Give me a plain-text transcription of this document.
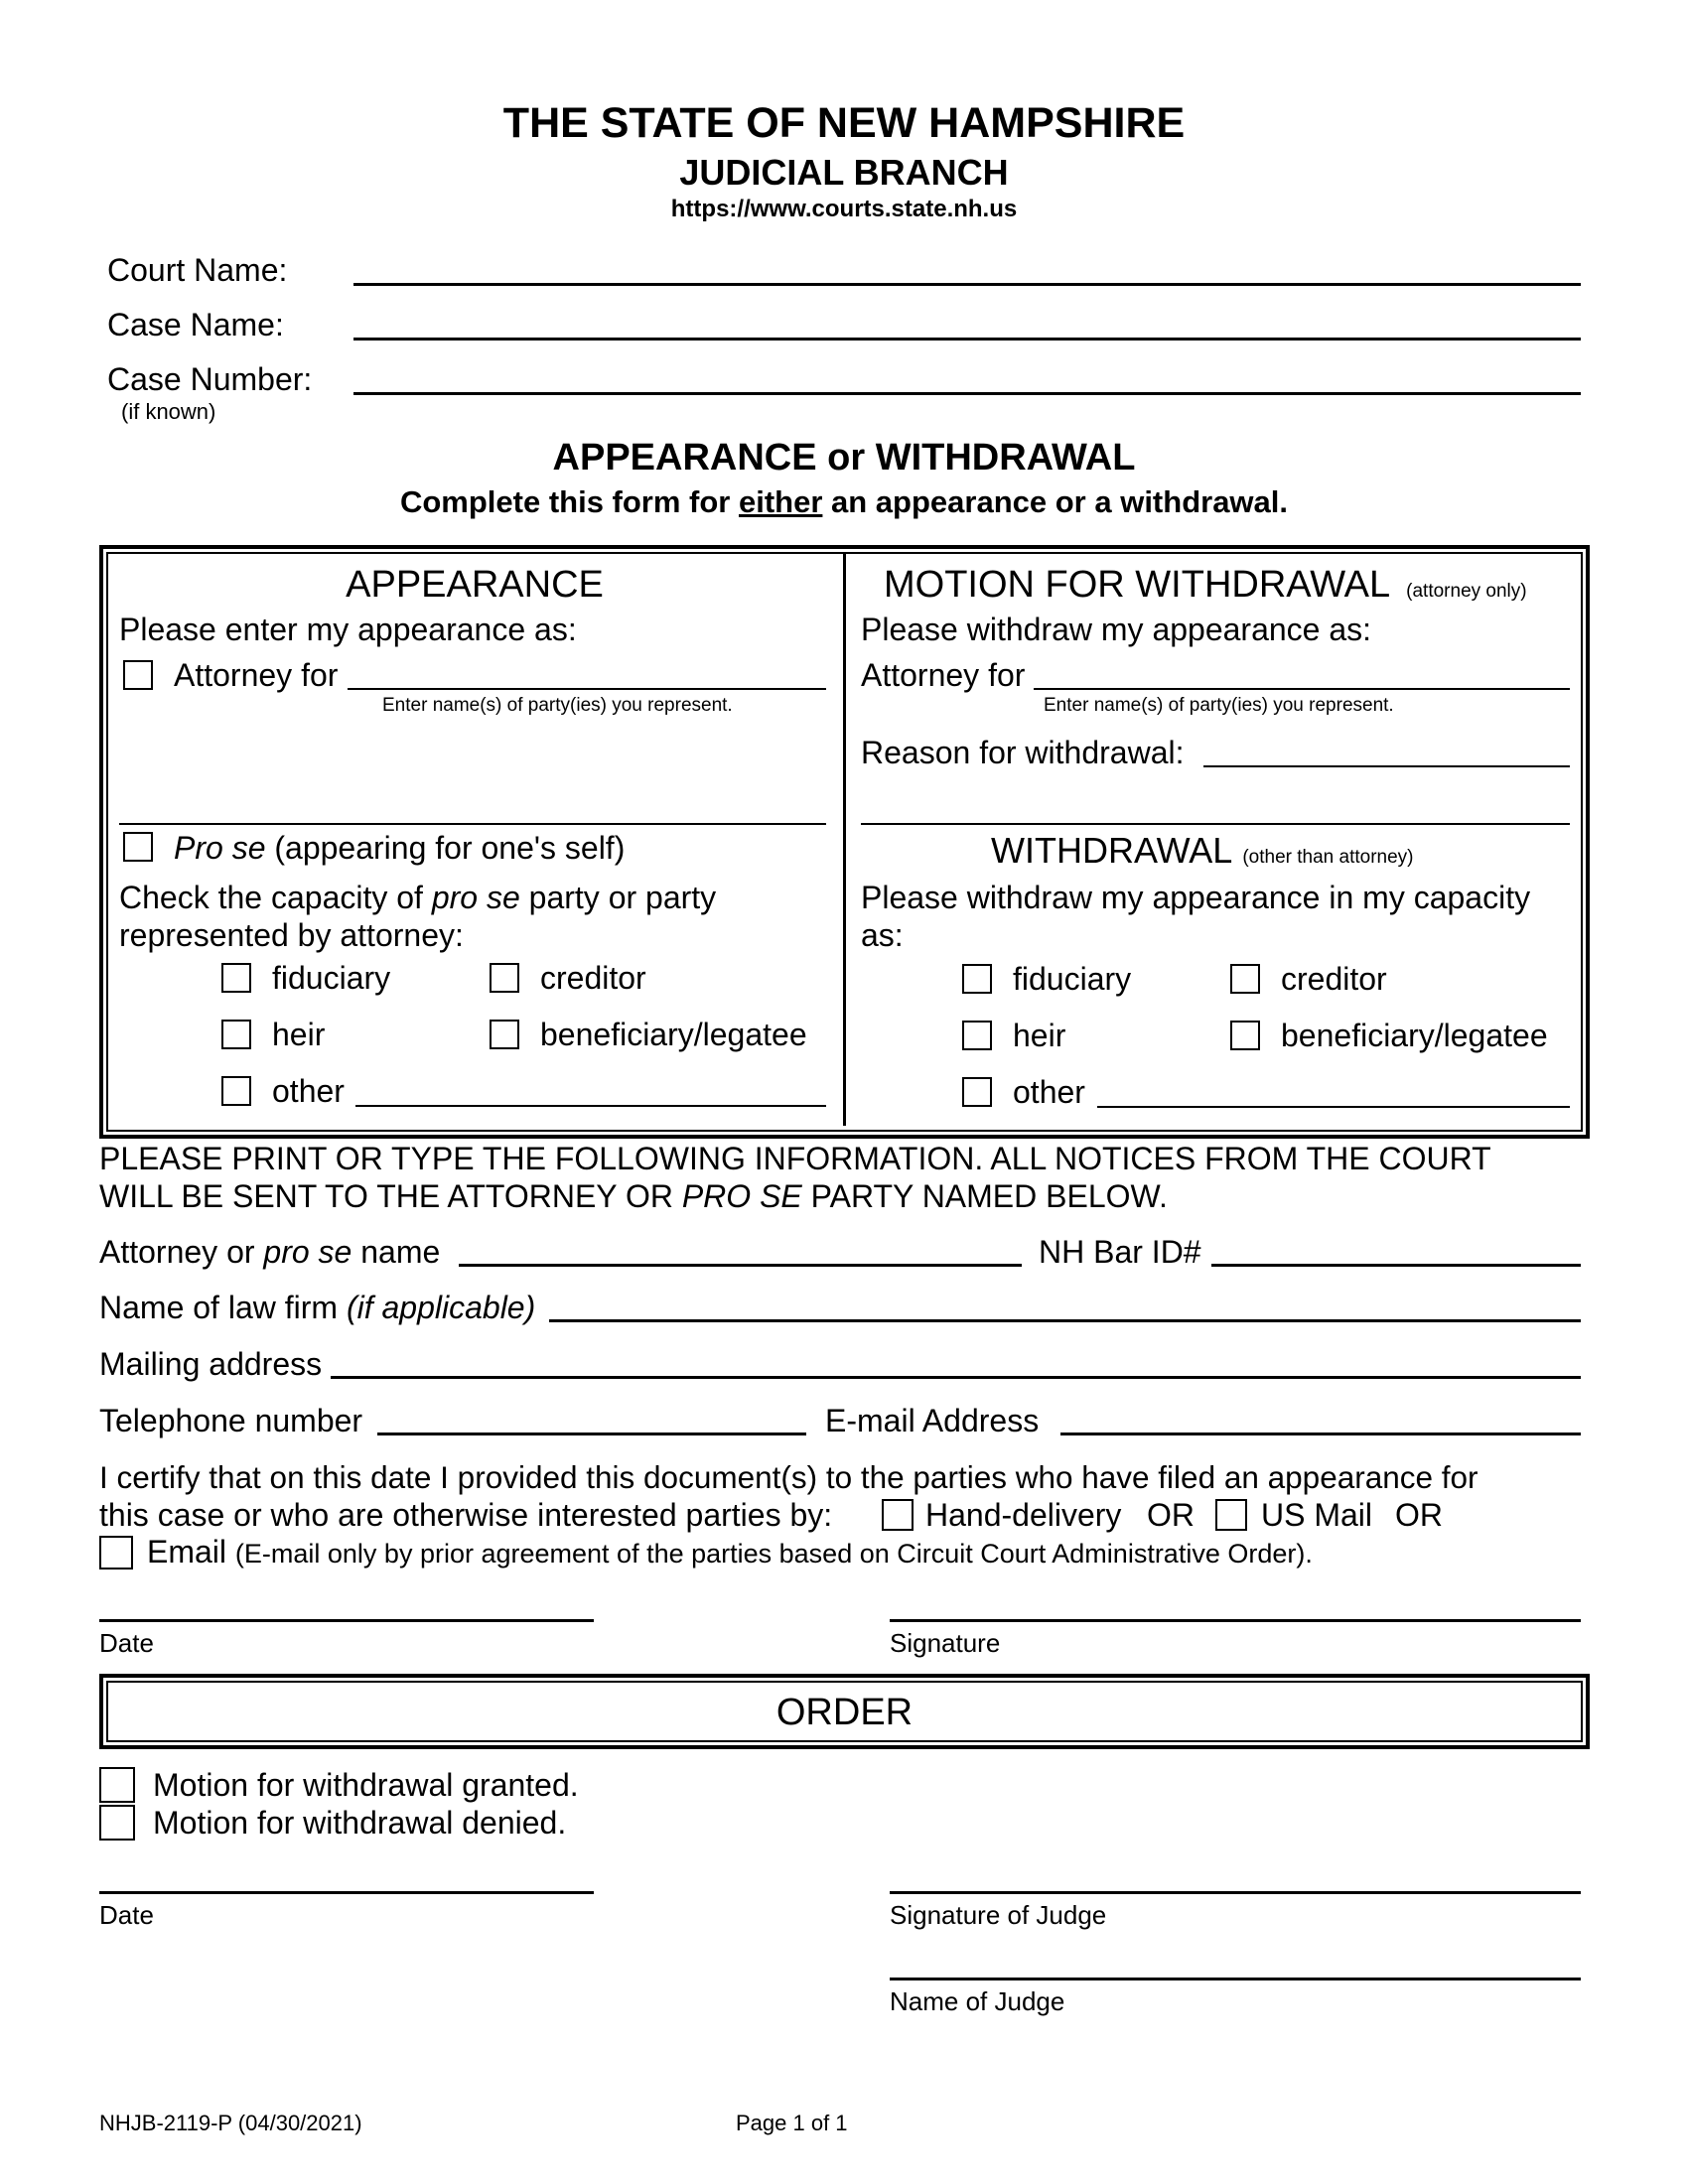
THE STATE OF NEW HAMPSHIRE
JUDICIAL BRANCH
https://www.courts.state.nh.us
Court Name:
Case Name:
Case Number:
(if known)
APPEARANCE or WITHDRAWAL
Complete this form for either an appearance or a withdrawal.
APPEARANCE
Please enter my appearance as:
Attorney for
Enter name(s) of party(ies) you represent.
Pro se (appearing for one's self)
Check the capacity of pro se party or party
represented by attorney:
fiduciary	creditor
heir	beneficiary/legatee
other
MOTION FOR WITHDRAWAL (attorney only)
Please withdraw my appearance as:
Attorney for
Enter name(s) of party(ies) you represent.
Reason for withdrawal:
WITHDRAWAL (other than attorney)
Please withdraw my appearance in my capacity
as:
fiduciary	creditor
heir	beneficiary/legatee
other
PLEASE PRINT OR TYPE THE FOLLOWING INFORMATION. ALL NOTICES FROM THE COURT
WILL BE SENT TO THE ATTORNEY OR PRO SE PARTY NAMED BELOW.
Attorney or pro se name	NH Bar ID#
Name of law firm (if applicable)
Mailing address
Telephone number	E-mail Address
I certify that on this date I provided this document(s) to the parties who have filed an appearance for
this case or who are otherwise interested parties by:	Hand-delivery OR US Mail OR
Email (E-mail only by prior agreement of the parties based on Circuit Court Administrative Order).
Date	Signature
ORDER
Motion for withdrawal granted.
Motion for withdrawal denied.
Date	Signature of Judge
Name of Judge
NHJB-2119-P (04/30/2021)	Page 1 of 1
